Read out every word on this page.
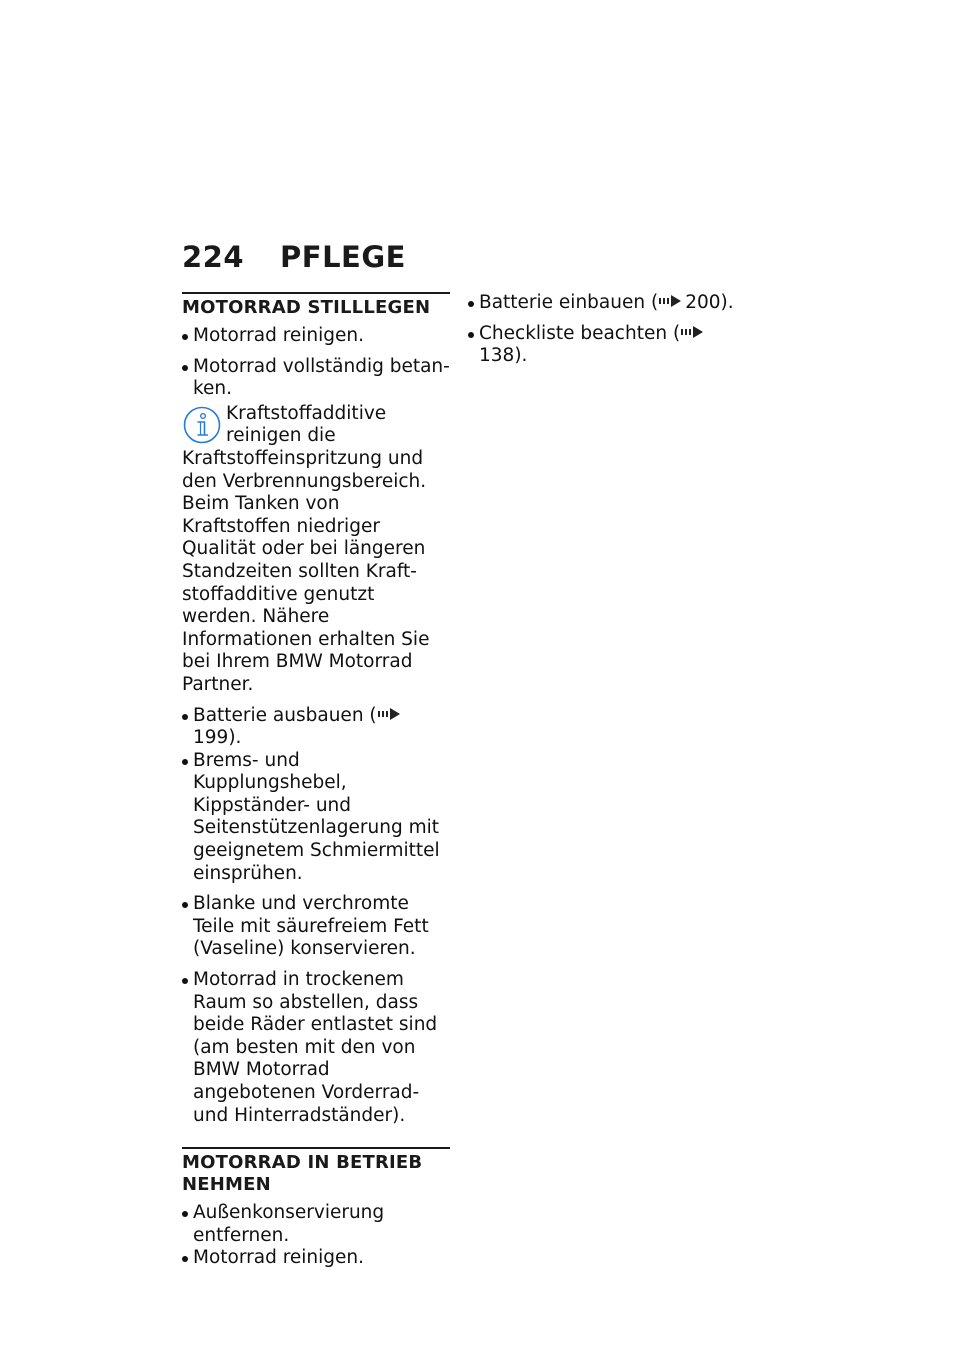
224 PFLEGE
MOTORRAD STILLLEGEN
Motorrad reinigen.
Motorrad vollständig betanken.
Kraftstoffadditive reinigen die Kraftstoffeinspritzung und den Verbrennungsbereich. Beim Tanken von Kraftstoffen niedriger Qualität oder bei längeren Standzeiten sollten Kraftstoffadditive genutzt werden. Nähere Informationen erhalten Sie bei Ihrem BMW Motorrad Partner.
Batterie ausbauen (199).
Brems- und Kupplungshebel, Kippständer- und Seitenstützenlagerung mit geeignetem Schmiermittel einsprühen.
Blanke und verchromte Teile mit säurefreiem Fett (Vaseline) konservieren.
Motorrad in trockenem Raum so abstellen, dass beide Räder entlastet sind (am besten mit den von BMW Motorrad angebotenen Vorderrad- und Hinterradständer).
MOTORRAD IN BETRIEB NEHMEN
Außenkonservierung entfernen.
Motorrad reinigen.
Batterie einbauen ( 200).
Checkliste beachten (138).
